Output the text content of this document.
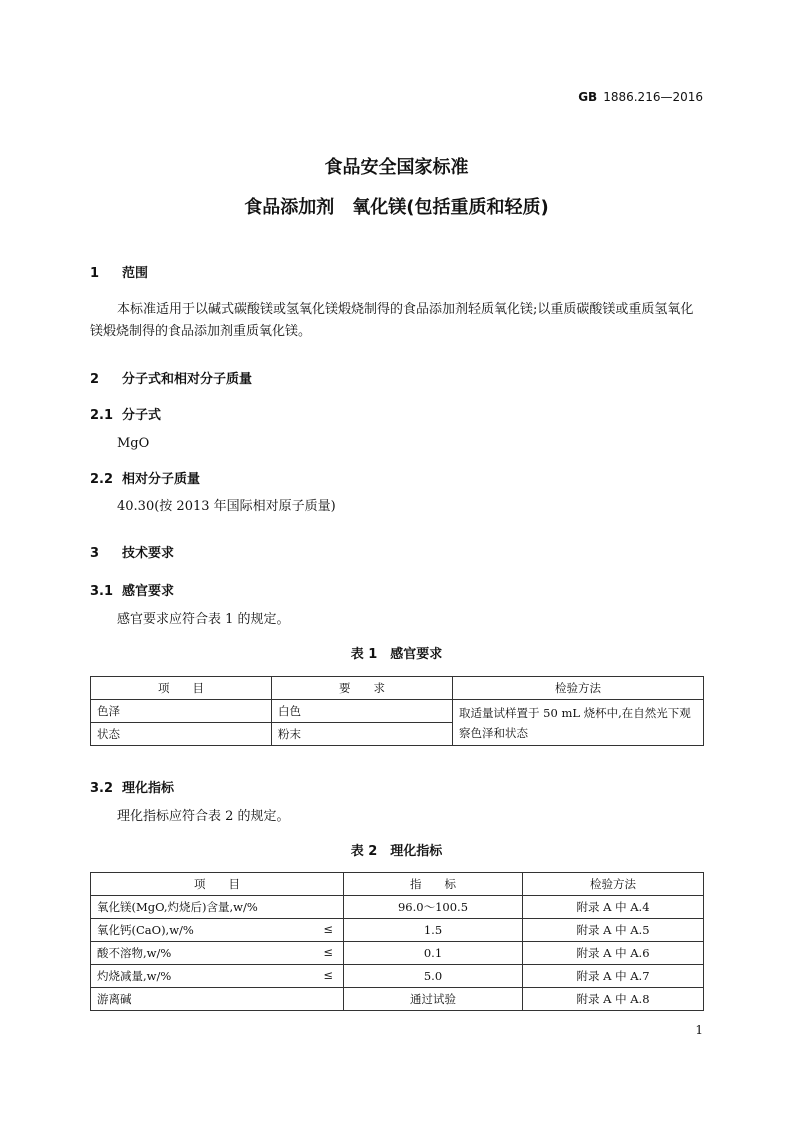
GB 1886.216—2016
食品安全国家标准
食品添加剂　氧化镁(包括重质和轻质)
1 范围
本标准适用于以碱式碳酸镁或氢氧化镁煅烧制得的食品添加剂轻质氧化镁;以重质碳酸镁或重质氢氧化镁煅烧制得的食品添加剂重质氧化镁。
2 分子式和相对分子质量
2.1 分子式
MgO
2.2 相对分子质量
40.30(按 2013 年国际相对原子质量)
3 技术要求
3.1 感官要求
感官要求应符合表 1 的规定。
表 1　感官要求
项　　目	要　　求	检验方法
色泽	白色	取适量试样置于 50 mL 烧杯中,在自然光下观察色泽和状态
状态	粉末	
3.2 理化指标
理化指标应符合表 2 的规定。
表 2　理化指标
项　　目	指　　标	检验方法
氧化镁(MgO,灼烧后)含量,w/%	96.0～100.5	附录 A 中 A.4
氧化钙(CaO),w/% ≤	1.5	附录 A 中 A.5
酸不溶物,w/% ≤	0.1	附录 A 中 A.6
灼烧减量,w/% ≤	5.0	附录 A 中 A.7
游离碱	通过试验	附录 A 中 A.8
1
